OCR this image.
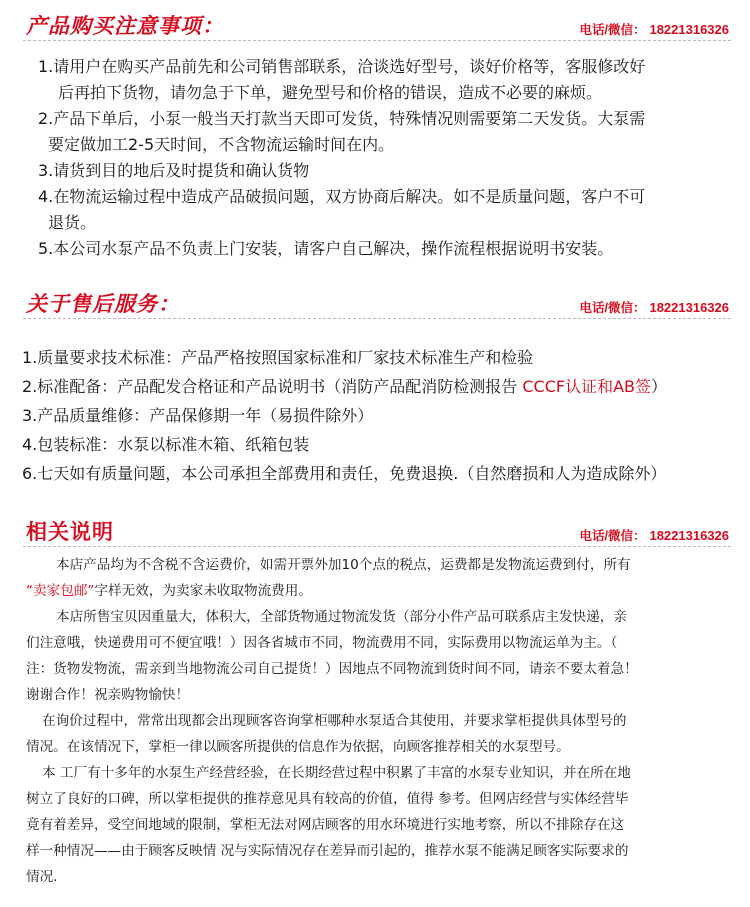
产品购买注意事项：	电话/微信： 18221316326

1.请用户在购买产品前先和公司销售部联系，洽谈选好型号，谈好价格等，客服修改好

后再拍下货物，请勿急于下单，避免型号和价格的错误，造成不必要的麻烦。

2.产品下单后，小泵一般当天打款当天即可发货，特殊情况则需要第二天发货。大泵需

要定做加工2-5天时间，不含物流运输时间在内。

3.请货到目的地后及时提货和确认货物

4.在物流运输过程中造成产品破损问题，双方协商后解决。如不是质量问题，客户不可

退货。

5.本公司水泵产品不负责上门安装，请客户自己解决，操作流程根据说明书安装。

关于售后服务：	电话/微信： 18221316326

1.质量要求技术标准：产品严格按照国家标准和厂家技术标准生产和检验

2.标准配备：产品配发合格证和产品说明书（消防产品配消防检测报告 CCCF认证和AB签）

3.产品质量维修：产品保修期一年（易损件除外）

4.包装标准：水泵以标准木箱、纸箱包装

6.七天如有质量问题，本公司承担全部费用和责任，免费退换.（自然磨损和人为造成除外）

相关说明	电话/微信： 18221316326

本店产品均为不含税不含运费价，如需开票外加10个点的税点，运费都是发物流运费到付，所有

“卖家包邮”字样无效，为卖家未收取物流费用。

本店所售宝贝因重量大，体积大，全部货物通过物流发货（部分小件产品可联系店主发快递，亲

们注意哦，快递费用可不便宜哦！）因各省城市不同，物流费用不同，实际费用以物流运单为主。（

注：货物发物流，需亲到当地物流公司自己提货！）因地点不同物流到货时间不同，请亲不要太着急！

谢谢合作！祝亲购物愉快！

在询价过程中，常常出现都会出现顾客咨询掌柜哪种水泵适合其使用，并要求掌柜提供具体型号的

情况。在该情况下，掌柜一律以顾客所提供的信息作为依据，向顾客推荐相关的水泵型号。

本 工厂有十多年的水泵生产经营经验，在长期经营过程中积累了丰富的水泵专业知识，并在所在地

树立了良好的口碑，所以掌柜提供的推荐意见具有较高的价值，值得 参考。但网店经营与实体经营毕

竟有着差异，受空间地域的限制，掌柜无法对网店顾客的用水环境进行实地考察，所以不排除存在这

样一种情况——由于顾客反映情 况与实际情况存在差异而引起的，推荐水泵不能满足顾客实际要求的

情况.
